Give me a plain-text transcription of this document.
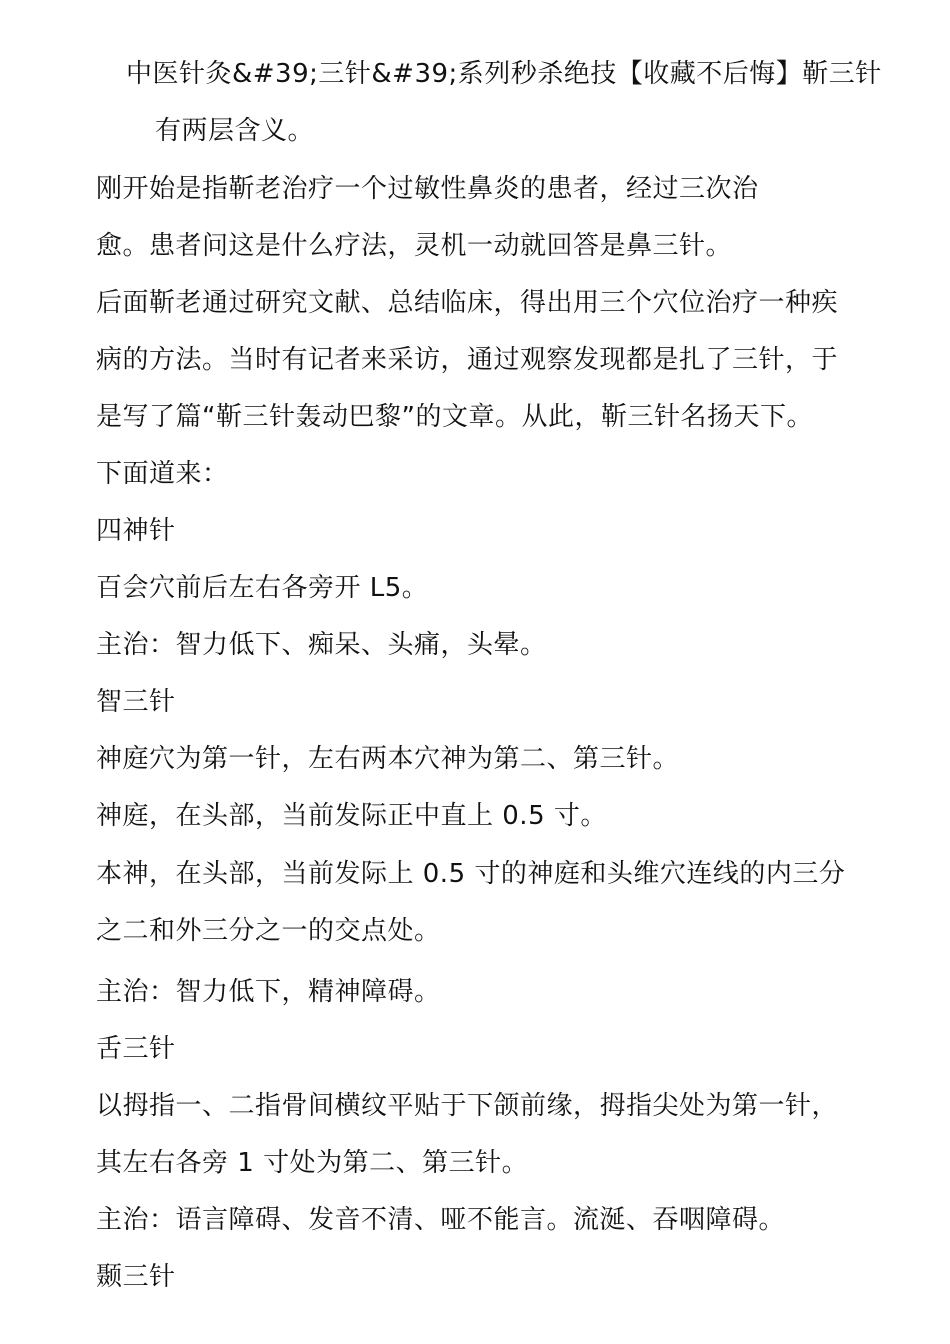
中医针灸&#39;三针&#39;系列秒杀绝技【收藏不后悔】靳三针
有两层含义。
刚开始是指靳老治疗一个过敏性鼻炎的患者，经过三次治
愈。患者问这是什么疗法，灵机一动就回答是鼻三针。
后面靳老通过研究文献、总结临床，得出用三个穴位治疗一种疾
病的方法。当时有记者来采访，通过观察发现都是扎了三针，于
是写了篇“靳三针轰动巴黎”的文章。从此，靳三针名扬天下。
下面道来：
四神针
百会穴前后左右各旁开 L5。
主治：智力低下、痴呆、头痛，头晕。
智三针
神庭穴为第一针，左右两本穴神为第二、第三针。
神庭，在头部，当前发际正中直上 0.5 寸。
本神，在头部，当前发际上 0.5 寸的神庭和头维穴连线的内三分
之二和外三分之一的交点处。
主治：智力低下，精神障碍。
舌三针
以拇指一、二指骨间横纹平贴于下颌前缘，拇指尖处为第一针，
其左右各旁 1 寸处为第二、第三针。
主治：语言障碍、发音不清、哑不能言。流涎、吞咽障碍。
颞三针
